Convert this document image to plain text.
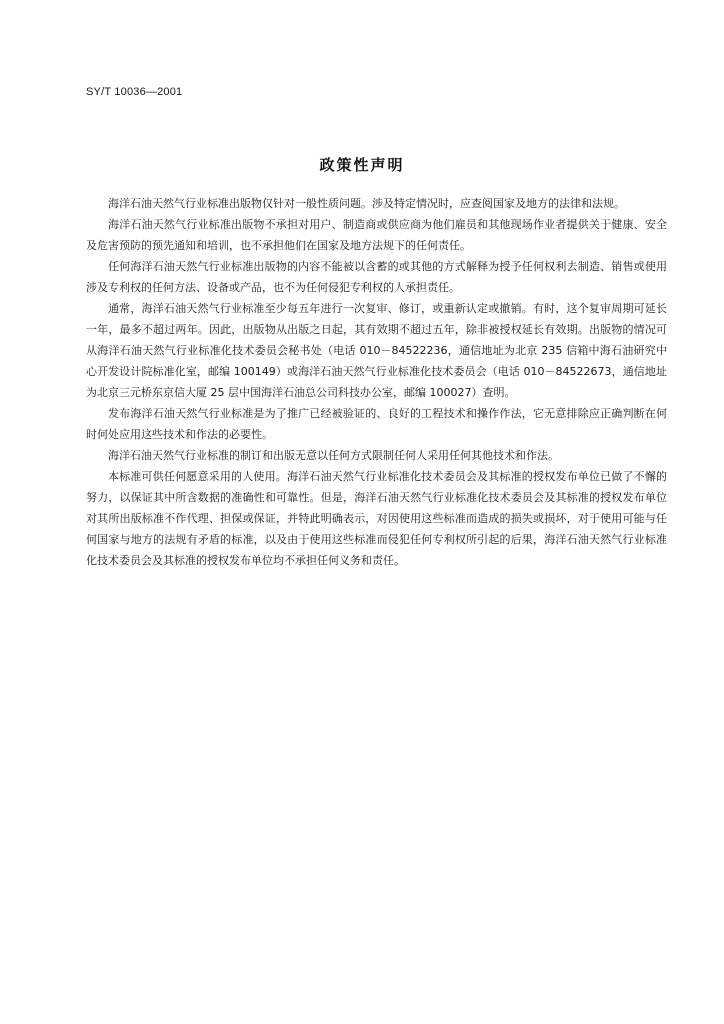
SY/T 10036—2001
政策性声明

海洋石油天然气行业标准出版物仅针对一般性质问题。涉及特定情况时，应查阅国家及地方的法律和法规。

海洋石油天然气行业标准出版物不承担对用户、制造商或供应商为他们雇员和其他现场作业者提供关于健康、安全及危害预防的预先通知和培训，也不承担他们在国家及地方法规下的任何责任。

任何海洋石油天然气行业标准出版物的内容不能被以含蓄的或其他的方式解释为授予任何权利去制造、销售或使用涉及专利权的任何方法、设备或产品，也不为任何侵犯专利权的人承担责任。

通常，海洋石油天然气行业标准至少每五年进行一次复审、修订，或重新认定或撤销。有时，这个复审周期可延长一年，最多不超过两年。因此，出版物从出版之日起，其有效期不超过五年，除非被授权延长有效期。出版物的情况可从海洋石油天然气行业标准化技术委员会秘书处（电话 010－84522236，通信地址为北京 235 信箱中海石油研究中心开发设计院标准化室，邮编 100149）或海洋石油天然气行业标准化技术委员会（电话 010－84522673，通信地址为北京三元桥东京信大厦 25 层中国海洋石油总公司科技办公室，邮编 100027）查明。

发布海洋石油天然气行业标准是为了推广已经被验证的、良好的工程技术和操作作法，它无意排除应正确判断在何时何处应用这些技术和作法的必要性。

海洋石油天然气行业标准的制订和出版无意以任何方式限制任何人采用任何其他技术和作法。

本标准可供任何愿意采用的人使用。海洋石油天然气行业标准化技术委员会及其标准的授权发布单位已做了不懈的努力，以保证其中所含数据的准确性和可靠性。但是，海洋石油天然气行业标准化技术委员会及其标准的授权发布单位对其所出版标准不作代理、担保或保证，并特此明确表示，对因使用这些标准而造成的损失或损坏，对于使用可能与任何国家与地方的法规有矛盾的标准，以及由于使用这些标准而侵犯任何专利权所引起的后果，海洋石油天然气行业标准化技术委员会及其标准的授权发布单位均不承担任何义务和责任。
